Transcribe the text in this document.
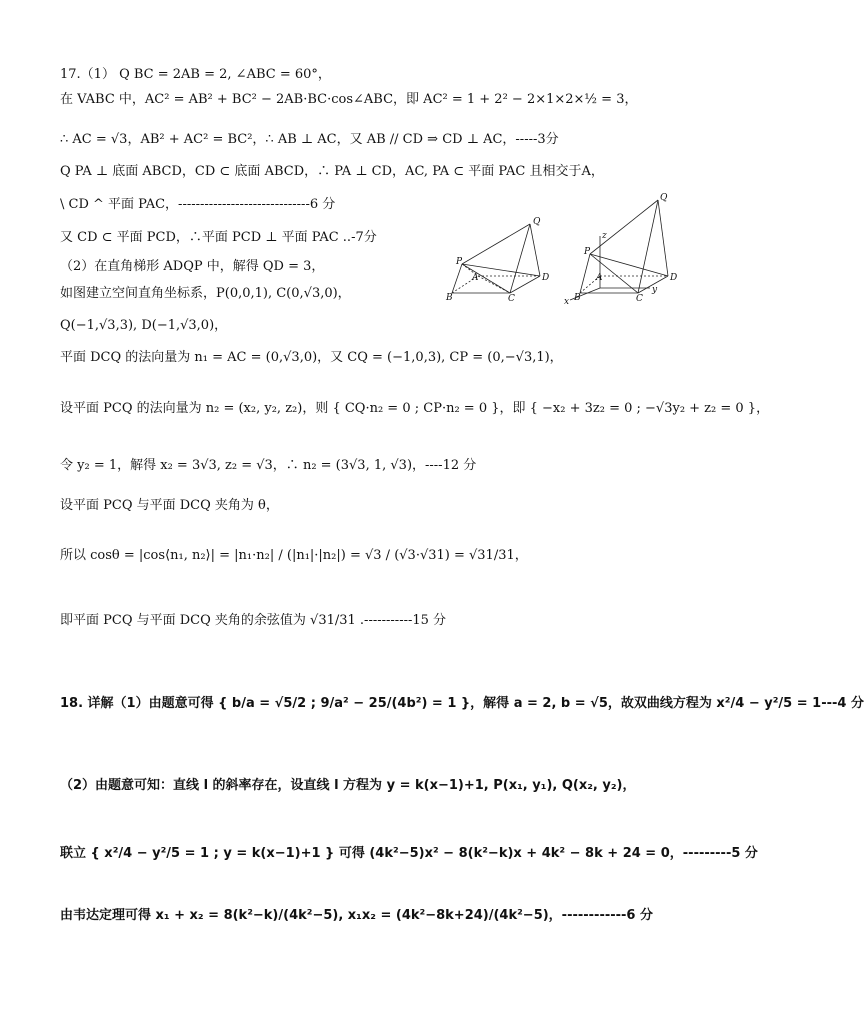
17.（1） Q BC = 2AB = 2, ∠ABC = 60°，
在 VABC 中，AC² = AB² + BC² − 2AB·BC·cos∠ABC，即 AC² = 1 + 2² − 2×1×2×½ = 3，
∴ AC = √3，AB² + AC² = BC²，∴ AB ⊥ AC，又 AB // CD ⇒ CD ⊥ AC，-----3分
Q PA ⊥ 底面 ABCD，CD ⊂ 底面 ABCD，∴ PA ⊥ CD，AC, PA ⊂ 平面 PAC 且相交于A，
\ CD ^ 平面 PAC，------------------------------6 分
又 CD ⊂ 平面 PCD，∴平面 PCD ⊥ 平面 PAC ..-7分
（2）在直角梯形 ADQP 中，解得 QD = 3，
如图建立空间直角坐标系，P(0,0,1), C(0,√3,0)，
Q(−1,√3,3), D(−1,√3,0)，
平面 DCQ 的法向量为 n₁ = AC = (0,√3,0)，又 CQ = (−1,0,3), CP = (0,−√3,1)，
设平面 PCQ 的法向量为 n₂ = (x₂, y₂, z₂)，则 { CQ·n₂ = 0 ; CP·n₂ = 0 }，即 { −x₂ + 3z₂ = 0 ; −√3y₂ + z₂ = 0 }，
令 y₂ = 1，解得 x₂ = 3√3, z₂ = √3，∴ n₂ = (3√3, 1, √3)，----12 分
设平面 PCQ 与平面 DCQ 夹角为 θ，
所以 cosθ = |cos⟨n₁, n₂⟩| = |n₁·n₂| / (|n₁|·|n₂|) = √3 / (√3·√31) = √31/31，
即平面 PCQ 与平面 DCQ 夹角的余弦值为 √31/31 .-----------15 分
18. 详解（1）由题意可得 { b/a = √5/2 ; 9/a² − 25/(4b²) = 1 }，解得 a = 2, b = √5，故双曲线方程为 x²/4 − y²/5 = 1---4 分
（2）由题意可知：直线 l 的斜率存在，设直线 l 方程为 y = k(x−1)+1, P(x₁, y₁), Q(x₂, y₂)，
联立 { x²/4 − y²/5 = 1 ; y = k(x−1)+1 } 可得 (4k²−5)x² − 8(k²−k)x + 4k² − 8k + 24 = 0，---------5 分
由韦达定理可得 x₁ + x₂ = 8(k²−k)/(4k²−5), x₁x₂ = (4k²−8k+24)/(4k²−5)，------------6 分
Q
P
A	D
B	C
Q
z
P
A	D
B	C
x
y
